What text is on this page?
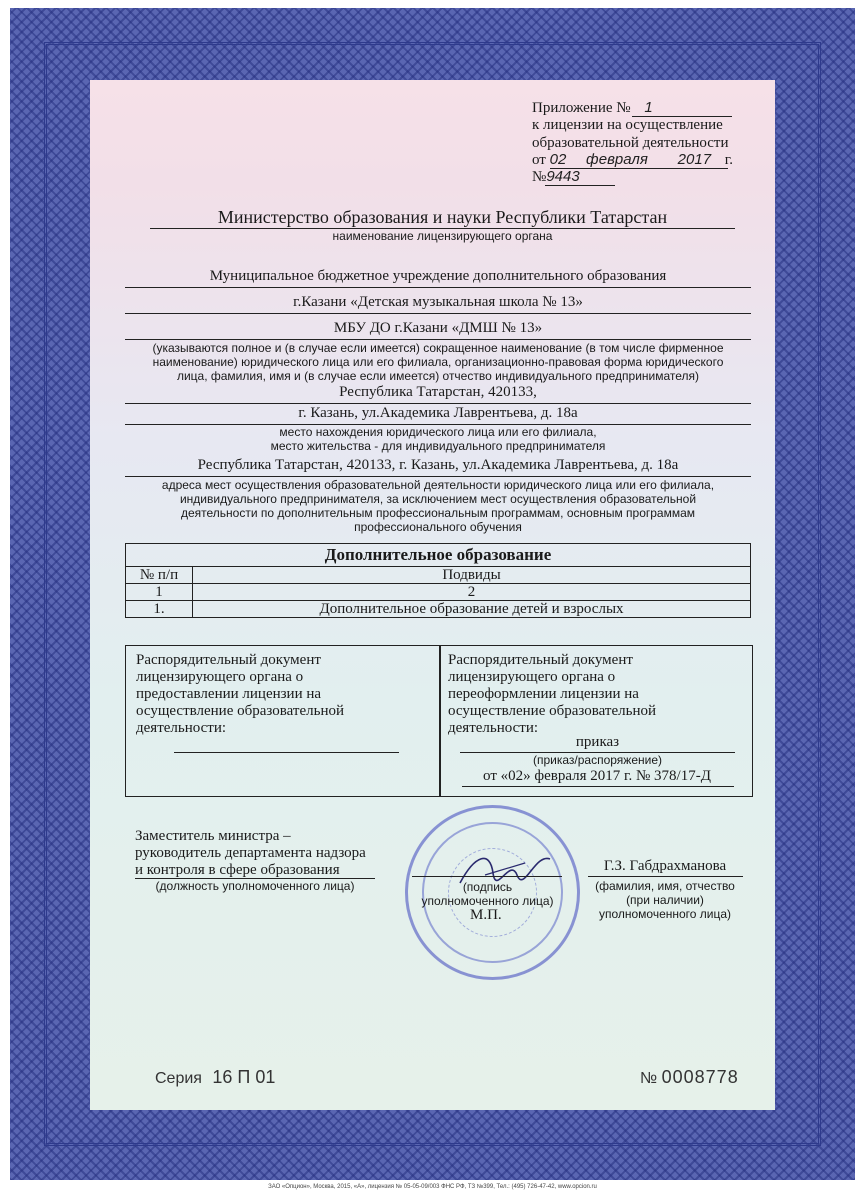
Приложение № 1
к лицензии на осуществление
образовательной деятельности
от 02 февраля 2017 г.
№9443
Министерство образования и науки Республики Татарстан
наименование лицензирующего органа
Муниципальное бюджетное учреждение дополнительного образования
г.Казани «Детская музыкальная школа № 13»
МБУ ДО г.Казани «ДМШ № 13»
(указываются полное и (в случае если имеется) сокращенное наименование (в том числе фирменное
наименование) юридического лица или его филиала, организационно-правовая форма юридического
лица, фамилия, имя и (в случае если имеется) отчество индивидуального предпринимателя)
Республика Татарстан, 420133,
г. Казань, ул.Академика Лаврентьева, д. 18а
место нахождения юридического лица или его филиала,
место жительства - для индивидуального предпринимателя
Республика Татарстан, 420133, г. Казань, ул.Академика Лаврентьева, д. 18а
адреса мест осуществления образовательной деятельности юридического лица или его филиала,
индивидуального предпринимателя, за исключением мест осуществления образовательной
деятельности по дополнительным профессиональным программам, основным программам
профессионального обучения
Дополнительное образование	
№ п/п	Подвиды
1	2
1.	Дополнительное образование детей и взрослых
Распорядительный документ
лицензирующего органа о
предоставлении лицензии на
осуществление образовательной
деятельности:
Распорядительный документ
лицензирующего органа о
переоформлении лицензии на
осуществление образовательной
деятельности:
приказ
(приказ/распоряжение)
от «02» февраля 2017 г. № 378/17-Д
Заместитель министра –
руководитель департамента надзора
и контроля в сфере образования
(должность уполномоченного лица)	(подпись
уполномоченного лица)
М.П.
Г.З. Габдрахманова
(фамилия, имя, отчество
(при наличии)
уполномоченного лица)
Серия 16 П 01	№ 0008778
ЗАО «Опцион», Москва, 2015, «А», лицензия № 05-05-09/003 ФНС РФ, ТЗ №399, Тел.: (495) 726-47-42, www.opcion.ru
